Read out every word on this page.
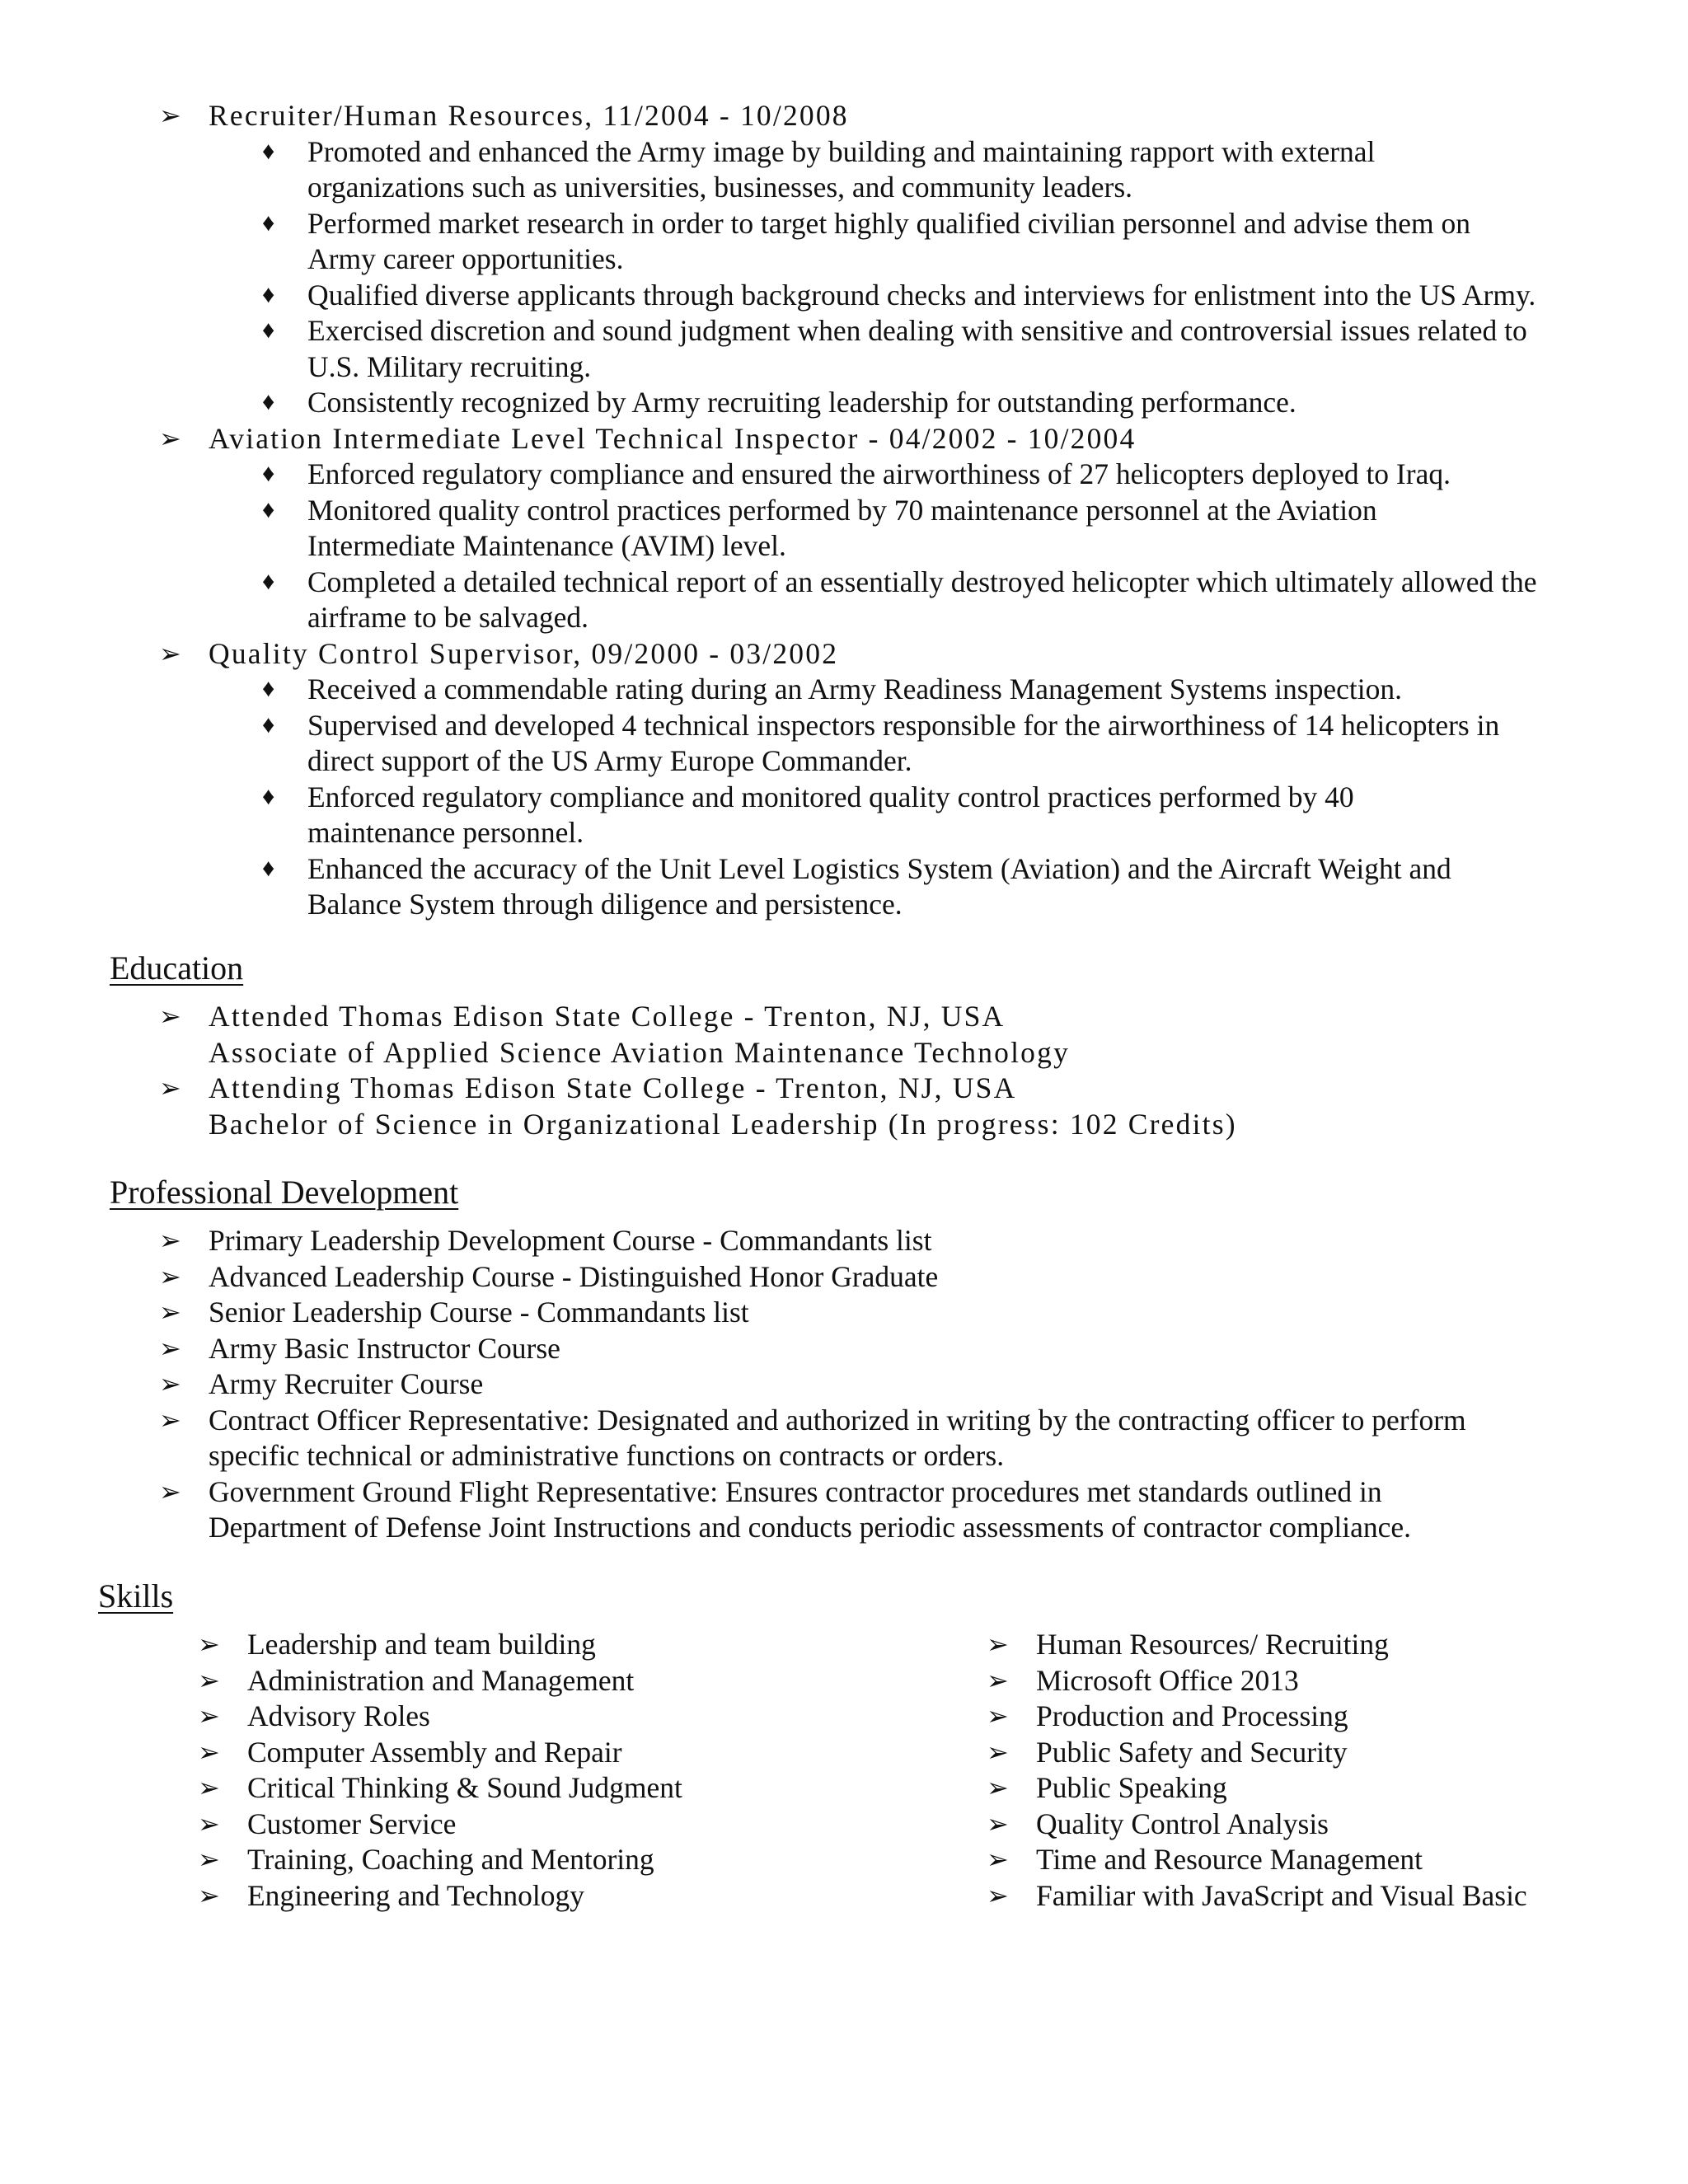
➢ Recruiter/Human Resources, 11/2004 - 10/2008
♦ Promoted and enhanced the Army image by building and maintaining rapport with external
organizations such as universities, businesses, and community leaders.
♦ Performed market research in order to target highly qualified civilian personnel and advise them on
Army career opportunities.
♦ Qualified diverse applicants through background checks and interviews for enlistment into the US Army.
♦ Exercised discretion and sound judgment when dealing with sensitive and controversial issues related to
U.S. Military recruiting.
♦ Consistently recognized by Army recruiting leadership for outstanding performance.
➢ Aviation Intermediate Level Technical Inspector - 04/2002 - 10/2004
♦ Enforced regulatory compliance and ensured the airworthiness of 27 helicopters deployed to Iraq.
♦ Monitored quality control practices performed by 70 maintenance personnel at the Aviation
Intermediate Maintenance (AVIM) level.
♦ Completed a detailed technical report of an essentially destroyed helicopter which ultimately allowed the
airframe to be salvaged.
➢ Quality Control Supervisor, 09/2000 - 03/2002
♦ Received a commendable rating during an Army Readiness Management Systems inspection.
♦ Supervised and developed 4 technical inspectors responsible for the airworthiness of 14 helicopters in
direct support of the US Army Europe Commander.
♦ Enforced regulatory compliance and monitored quality control practices performed by 40
maintenance personnel.
♦ Enhanced the accuracy of the Unit Level Logistics System (Aviation) and the Aircraft Weight and
Balance System through diligence and persistence.
Education
➢ Attended Thomas Edison State College - Trenton, NJ, USA
Associate of Applied Science Aviation Maintenance Technology
➢ Attending Thomas Edison State College - Trenton, NJ, USA
Bachelor of Science in Organizational Leadership (In progress: 102 Credits)
Professional Development
➢ Primary Leadership Development Course - Commandants list
➢ Advanced Leadership Course - Distinguished Honor Graduate
➢ Senior Leadership Course - Commandants list
➢ Army Basic Instructor Course
➢ Army Recruiter Course
➢ Contract Officer Representative: Designated and authorized in writing by the contracting officer to perform
specific technical or administrative functions on contracts or orders.
➢ Government Ground Flight Representative: Ensures contractor procedures met standards outlined in
Department of Defense Joint Instructions and conducts periodic assessments of contractor compliance.
Skills
➢ Leadership and team building
➢ Administration and Management
➢ Advisory Roles
➢ Computer Assembly and Repair
➢ Critical Thinking & Sound Judgment
➢ Customer Service
➢ Training, Coaching and Mentoring
➢ Engineering and Technology
➢ Human Resources/ Recruiting
➢ Microsoft Office 2013
➢ Production and Processing
➢ Public Safety and Security
➢ Public Speaking
➢ Quality Control Analysis
➢ Time and Resource Management
➢ Familiar with JavaScript and Visual Basic
